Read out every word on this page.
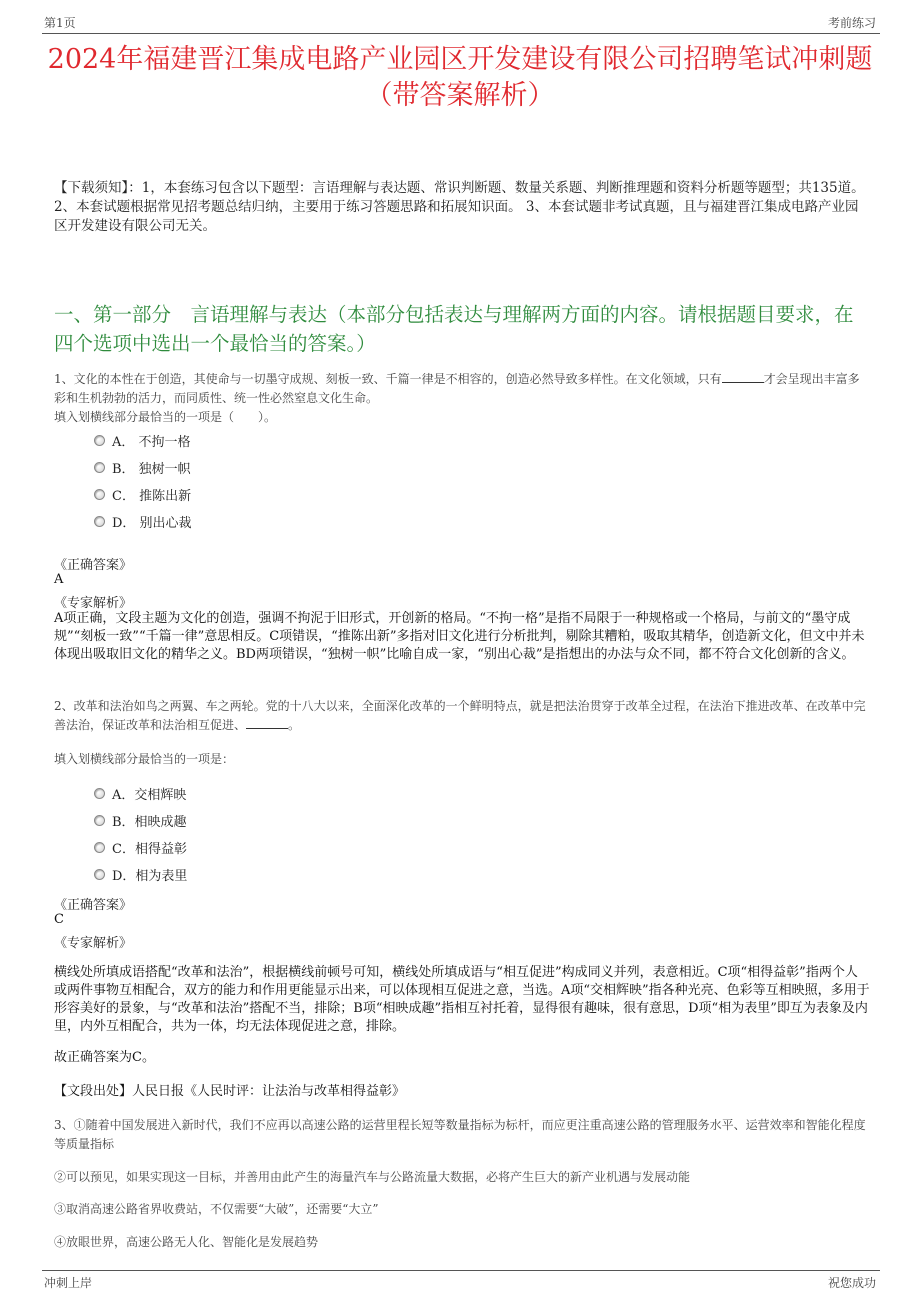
第1页	考前练习
2024年福建晋江集成电路产业园区开发建设有限公司招聘笔试冲刺题（带答案解析）
【下载须知】：1，本套练习包含以下题型：言语理解与表达题、常识判断题、数量关系题、判断推理题和资料分析题等题型；共135道。 2、本套试题根据常见招考题总结归纳，主要用于练习答题思路和拓展知识面。 3、本套试题非考试真题，且与福建晋江集成电路产业园区开发建设有限公司无关。
一、第一部分　言语理解与表达（本部分包括表达与理解两方面的内容。请根据题目要求，在四个选项中选出一个最恰当的答案。）
1、文化的本性在于创造，其使命与一切墨守成规、刻板一致、千篇一律是不相容的，创造必然导致多样性。在文化领域，只有	才会呈现出丰富多彩和生机勃勃的活力，而同质性、统一性必然窒息文化生命。
填入划横线部分最恰当的一项是（　　）。
A． 不拘一格
B． 独树一帜
C． 推陈出新
D． 别出心裁
《正确答案》
A
《专家解析》
A项正确，文段主题为文化的创造，强调不拘泥于旧形式，开创新的格局。“不拘一格”是指不局限于一种规格或一个格局，与前文的“墨守成规”“刻板一致”“千篇一律”意思相反。C项错误，“推陈出新”多指对旧文化进行分析批判，剔除其糟粕，吸取其精华，创造新文化，但文中并未体现出吸取旧文化的精华之义。BD两项错误，“独树一帜”比喻自成一家，“别出心裁”是指想出的办法与众不同，都不符合文化创新的含义。
2、改革和法治如鸟之两翼、车之两轮。党的十八大以来，全面深化改革的一个鲜明特点，就是把法治贯穿于改革全过程，在法治下推进改革、在改革中完善法治，保证改革和法治相互促进、	。
填入划横线部分最恰当的一项是：
A．交相辉映
B．相映成趣
C．相得益彰
D．相为表里
《正确答案》
C
《专家解析》
横线处所填成语搭配“改革和法治”，根据横线前顿号可知，横线处所填成语与“相互促进”构成同义并列，表意相近。C项“相得益彰”指两个人或两件事物互相配合，双方的能力和作用更能显示出来，可以体现相互促进之意，当选。A项“交相辉映”指各种光亮、色彩等互相映照，多用于形容美好的景象，与“改革和法治”搭配不当，排除；B项“相映成趣”指相互衬托着，显得很有趣味，很有意思，D项“相为表里”即互为表象及内里，内外互相配合，共为一体，均无法体现促进之意，排除。
故正确答案为C。
【文段出处】人民日报《人民时评：让法治与改革相得益彰》
3、①随着中国发展进入新时代，我们不应再以高速公路的运营里程长短等数量指标为标杆，而应更注重高速公路的管理服务水平、运营效率和智能化程度等质量指标
②可以预见，如果实现这一目标，并善用由此产生的海量汽车与公路流量大数据，必将产生巨大的新产业机遇与发展动能
③取消高速公路省界收费站，不仅需要“大破”，还需要“大立”
④放眼世界，高速公路无人化、智能化是发展趋势
冲刺上岸	祝您成功
